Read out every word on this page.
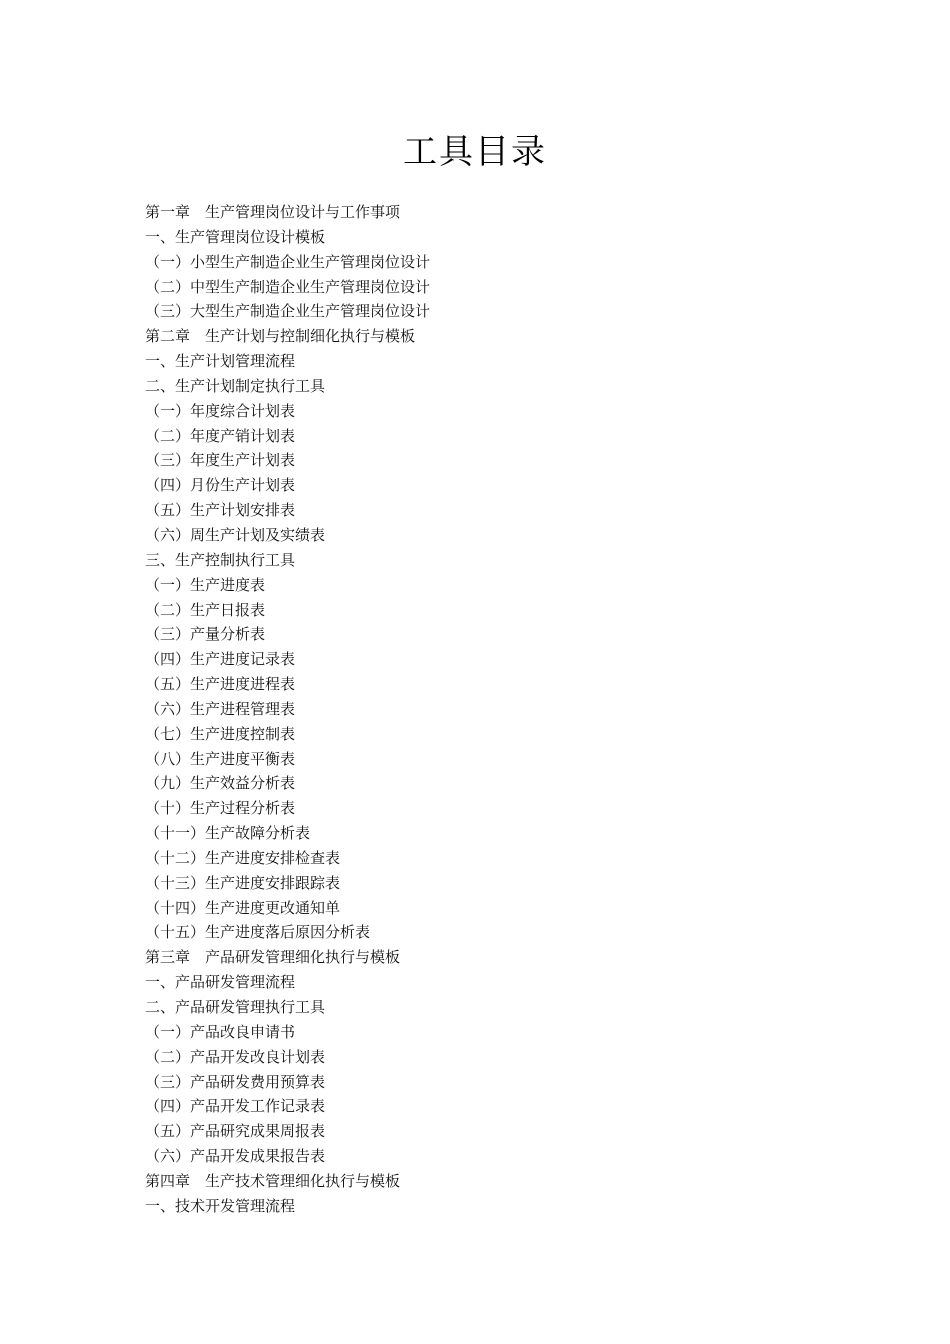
工具目录
第一章　生产管理岗位设计与工作事项
一、生产管理岗位设计模板
（一）小型生产制造企业生产管理岗位设计
（二）中型生产制造企业生产管理岗位设计
（三）大型生产制造企业生产管理岗位设计
第二章　生产计划与控制细化执行与模板
一、生产计划管理流程
二、生产计划制定执行工具
（一）年度综合计划表
（二）年度产销计划表
（三）年度生产计划表
（四）月份生产计划表
（五）生产计划安排表
（六）周生产计划及实绩表
三、生产控制执行工具
（一）生产进度表
（二）生产日报表
（三）产量分析表
（四）生产进度记录表
（五）生产进度进程表
（六）生产进程管理表
（七）生产进度控制表
（八）生产进度平衡表
（九）生产效益分析表
（十）生产过程分析表
（十一）生产故障分析表
（十二）生产进度安排检查表
（十三）生产进度安排跟踪表
（十四）生产进度更改通知单
（十五）生产进度落后原因分析表
第三章　产品研发管理细化执行与模板
一、产品研发管理流程
二、产品研发管理执行工具
（一）产品改良申请书
（二）产品开发改良计划表
（三）产品研发费用预算表
（四）产品开发工作记录表
（五）产品研究成果周报表
（六）产品开发成果报告表
第四章　生产技术管理细化执行与模板
一、技术开发管理流程
